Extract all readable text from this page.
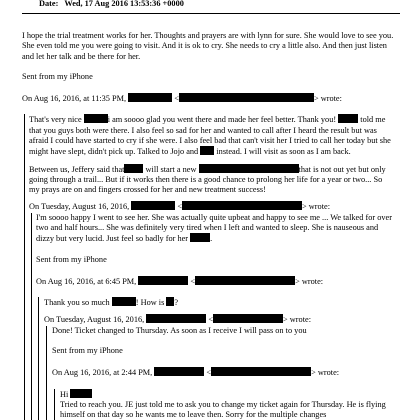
Date: Wed, 17 Aug 2016 13:53:36 +0000

I hope the trial treatment works for her. Thoughts and prayers are with lynn for sure. She would love to see you. She even told me you were going to visit. And it is ok to cry. She needs to cry a little also. And then just listen and let her talk and be there for her.

Sent from my iPhone

On Aug 16, 2016, at 11:35 PM,	<	> wrote:

That's very nice	i am soooo glad you went there and made her feel better. Thank you!	told me that you guys both were there. I also feel so sad for her and wanted to call after I heard the result but was afraid I could have started to cry if she were. I also feel bad that can't visit her I tried to call her today but she might have slept, didn't pick up. Talked to Jojo and instead. I will visit as soon as I am back.

Between us, Jeffery said that	will start a new	that is not out yet but only going through a trail... But if it works then there is a good chance to prolong her life for a year or two... So my prays are on and fingers crossed for her and new treatment success!

On Tuesday, August 16, 2016,	<	> wrote:

I'm soooo happy I went to see her. She was actually quite upbeat and happy to see me ... We talked for over two and half hours... She was definitely very tired when I left and wanted to sleep. She is nauseous and dizzy but very lucid. Just feel so badly for her	.

Sent from my iPhone

On Aug 16, 2016, at 6:45 PM,	<	> wrote:

Thank you so much	! How is ?

On Tuesday, August 16, 2016,	<	> wrote:

Done! Ticket changed to Thursday. As soon as I receive I will pass on to you

Sent from my iPhone

On Aug 16, 2016, at 2:44 PM,	<	> wrote:

Hi

Tried to reach you. JE just told me to ask you to change my ticket again for Thursday. He is flying himself on that day so he wants me to leave then. Sorry for the multiple changes
